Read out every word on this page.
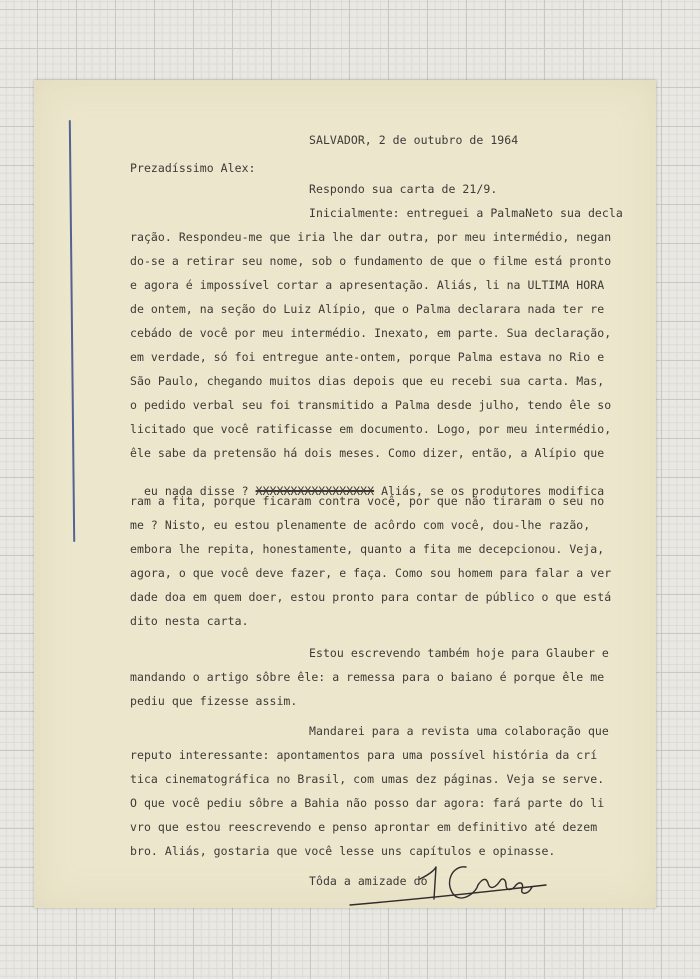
SALVADOR, 2 de outubro de 1964
Prezadíssimo Alex:
Respondo sua carta de 21/9.
Inicialmente: entreguei a PalmaNeto sua decla
ração. Respondeu-me que iria lhe dar outra, por meu intermédio, negan
do-se a retirar seu nome, sob o fundamento de que o filme está pronto
e agora é impossível cortar a apresentação. Aliás, li na ULTIMA HORA
de ontem, na seção do Luiz Alípio, que o Palma declarara nada ter re
cebádo de você por meu intermédio. Inexato, em parte. Sua declaração,
em verdade, só foi entregue ante-ontem, porque Palma estava no Rio e
São Paulo, chegando muitos dias depois que eu recebi sua carta. Mas,
o pedido verbal seu foi transmitido a Palma desde julho, tendo êle so
licitado que você ratificasse em documento. Logo, por meu intermédio,
êle sabe da pretensão há dois meses. Como dizer, então, a Alípio que

eu nada disse ? XXXXXXXXXXXXXXXXX Aliás, se os produtores modifica

ram a fita, porque ficaram contra você, por que não tiraram o seu no
me ? Nisto, eu estou plenamente de acôrdo com você, dou-lhe razão,
embora lhe repita, honestamente, quanto a fita me decepcionou. Veja,
agora, o que você deve fazer, e faça. Como sou homem para falar a ver
dade doa em quem doer, estou pronto para contar de público o que está
dito nesta carta.
Estou escrevendo também hoje para Glauber e
mandando o artigo sôbre êle: a remessa para o baiano é porque êle me
pediu que fizesse assim.
Mandarei para a revista uma colaboração que
reputo interessante: apontamentos para uma possível história da crí
tica cinematográfica no Brasil, com umas dez páginas. Veja se serve.
O que você pediu sôbre a Bahia não posso dar agora: fará parte do li
vro que estou reescrevendo e penso aprontar em definitivo até dezem
bro. Aliás, gostaria que você lesse uns capítulos e opinasse.
Tôda a amizade do
